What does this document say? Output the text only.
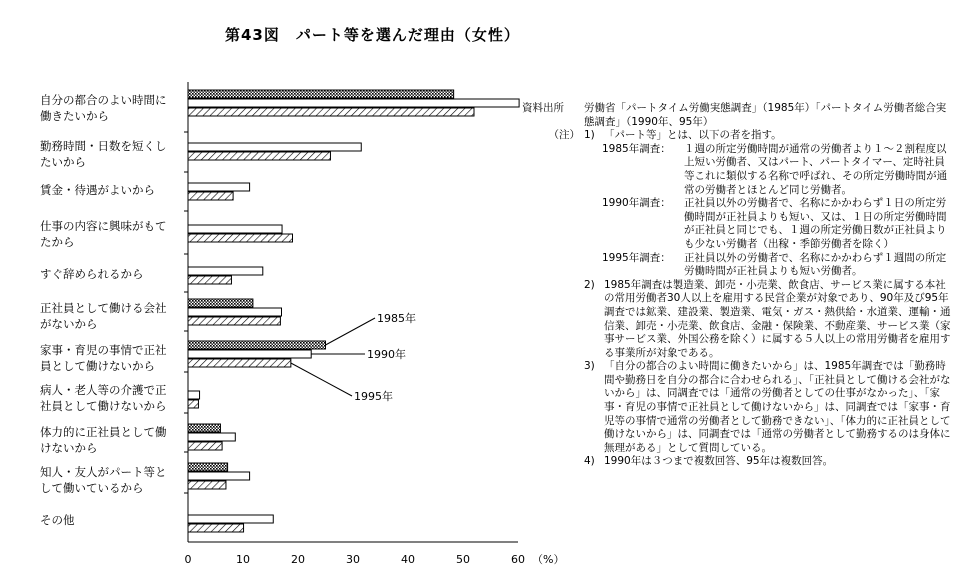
第43図　パート等を選んだ理由（女性）
自分の都合のよい時間に
働きたいから
勤務時間・日数を短くし
たいから
賃金・待遇がよいから
仕事の内容に興味がもて
たから
すぐ辞められるから
正社員として働ける会社
がないから
家事・育児の事情で正社
員として働けないから
病人・老人等の介護で正
社員として働けないから
体力的に正社員として働
けないから
知人・友人がパート等と
して働いているから
その他
0	10	20	30	40	50	60 （%）
1985年
1990年
1995年
資料出所	労働省「パートタイム労働実態調査」（1985年）「パートタイム労働者総合実態調査」（1990年、95年）
（注） 1) 「パート等」とは、以下の者を指す。
1985年調査：	１週の所定労働時間が通常の労働者より１～２割程度以上短い労働者、又はパート、パートタイマー、定時社員等これに類似する名称で呼ばれ、その所定労働時間が通常の労働者とほとんど同じ労働者。
1990年調査：	正社員以外の労働者で、名称にかかわらず１日の所定労働時間が正社員よりも短い、又は、１日の所定労働時間が正社員と同じでも、１週の所定労働日数が正社員よりも少ない労働者（出稼・季節労働者を除く）
1995年調査：	正社員以外の労働者で、名称にかかわらず１週間の所定労働時間が正社員よりも短い労働者。
2) 1985年調査は製造業、卸売・小売業、飲食店、サービス業に属する本社の常用労働者30人以上を雇用する民営企業が対象であり、90年及び95年調査では鉱業、建設業、製造業、電気・ガス・熱供給・水道業、運輸・通信業、卸売・小売業、飲食店、金融・保険業、不動産業、サービス業（家事サービス業、外国公務を除く）に属する５人以上の常用労働者を雇用する事業所が対象である。
3) 「自分の都合のよい時間に働きたいから」は、1985年調査では「勤務時間や勤務日を自分の都合に合わせられる」、「正社員として働ける会社がないから」は、同調査では「通常の労働者としての仕事がなかった」、「家事・育児の事情で正社員として働けないから」は、同調査では「家事・育児等の事情で通常の労働者として勤務できない」、「体力的に正社員として働けないから」は、同調査では「通常の労働者として勤務するのは身体に無理がある」として質問している。
4) 1990年は３つまで複数回答、95年は複数回答。
